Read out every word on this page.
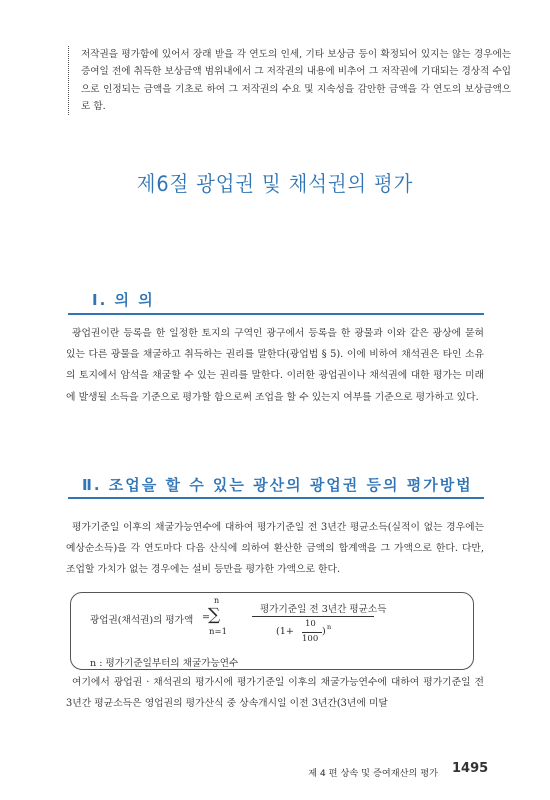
저작권을 평가함에 있어서 장래 받을 각 연도의 인세, 기타 보상금 등이 확정되어 있지는 않는 경우에는 증여일 전에 취득한 보상금액 범위내에서 그 저작권의 내용에 비추어 그 저작권에 기대되는 경상적 수입으로 인정되는 금액을 기초로 하여 그 저작권의 수요 및 지속성을 감안한 금액을 각 연도의 보상금액으로 함.
제6절 광업권 및 채석권의 평가
Ⅰ. 의 의
광업권이란 등록을 한 일정한 토지의 구역인 광구에서 등록을 한 광물과 이와 같은 광상에 묻혀 있는 다른 광물을 채굴하고 취득하는 권리를 말한다(광업법 § 5). 이에 비하여 채석권은 타인 소유의 토지에서 암석을 채굴할 수 있는 권리를 말한다. 이러한 광업권이나 채석권에 대한 평가는 미래에 발생될 소득을 기준으로 평가할 함으로써 조업을 할 수 있는지 여부를 기준으로 평가하고 있다.
Ⅱ. 조업을 할 수 있는 광산의 광업권 등의 평가방법
평가기준일 이후의 채굴가능연수에 대하여 평가기준일 전 3년간 평균소득(실적이 없는 경우에는 예상순소득)을 각 연도마다 다음 산식에 의하여 환산한 금액의 합계액을 그 가액으로 한다. 다만, 조업할 가치가 없는 경우에는 설비 등만을 평가한 가액으로 한다.
광업권(채석권)의 평가액 =
n
∑
n=1
평가기준일 전 3년간 평균소득
(1+
10
100
) n
n : 평가기준일부터의 채굴가능연수
여기에서 광업권 · 채석권의 평가시에 평가기준일 이후의 채굴가능연수에 대하여 평가기준일 전 3년간 평균소득은 영업권의 평가산식 중 상속개시일 이전 3년간(3년에 미달
제 4 편 상속 및 증여재산의 평가 1495
